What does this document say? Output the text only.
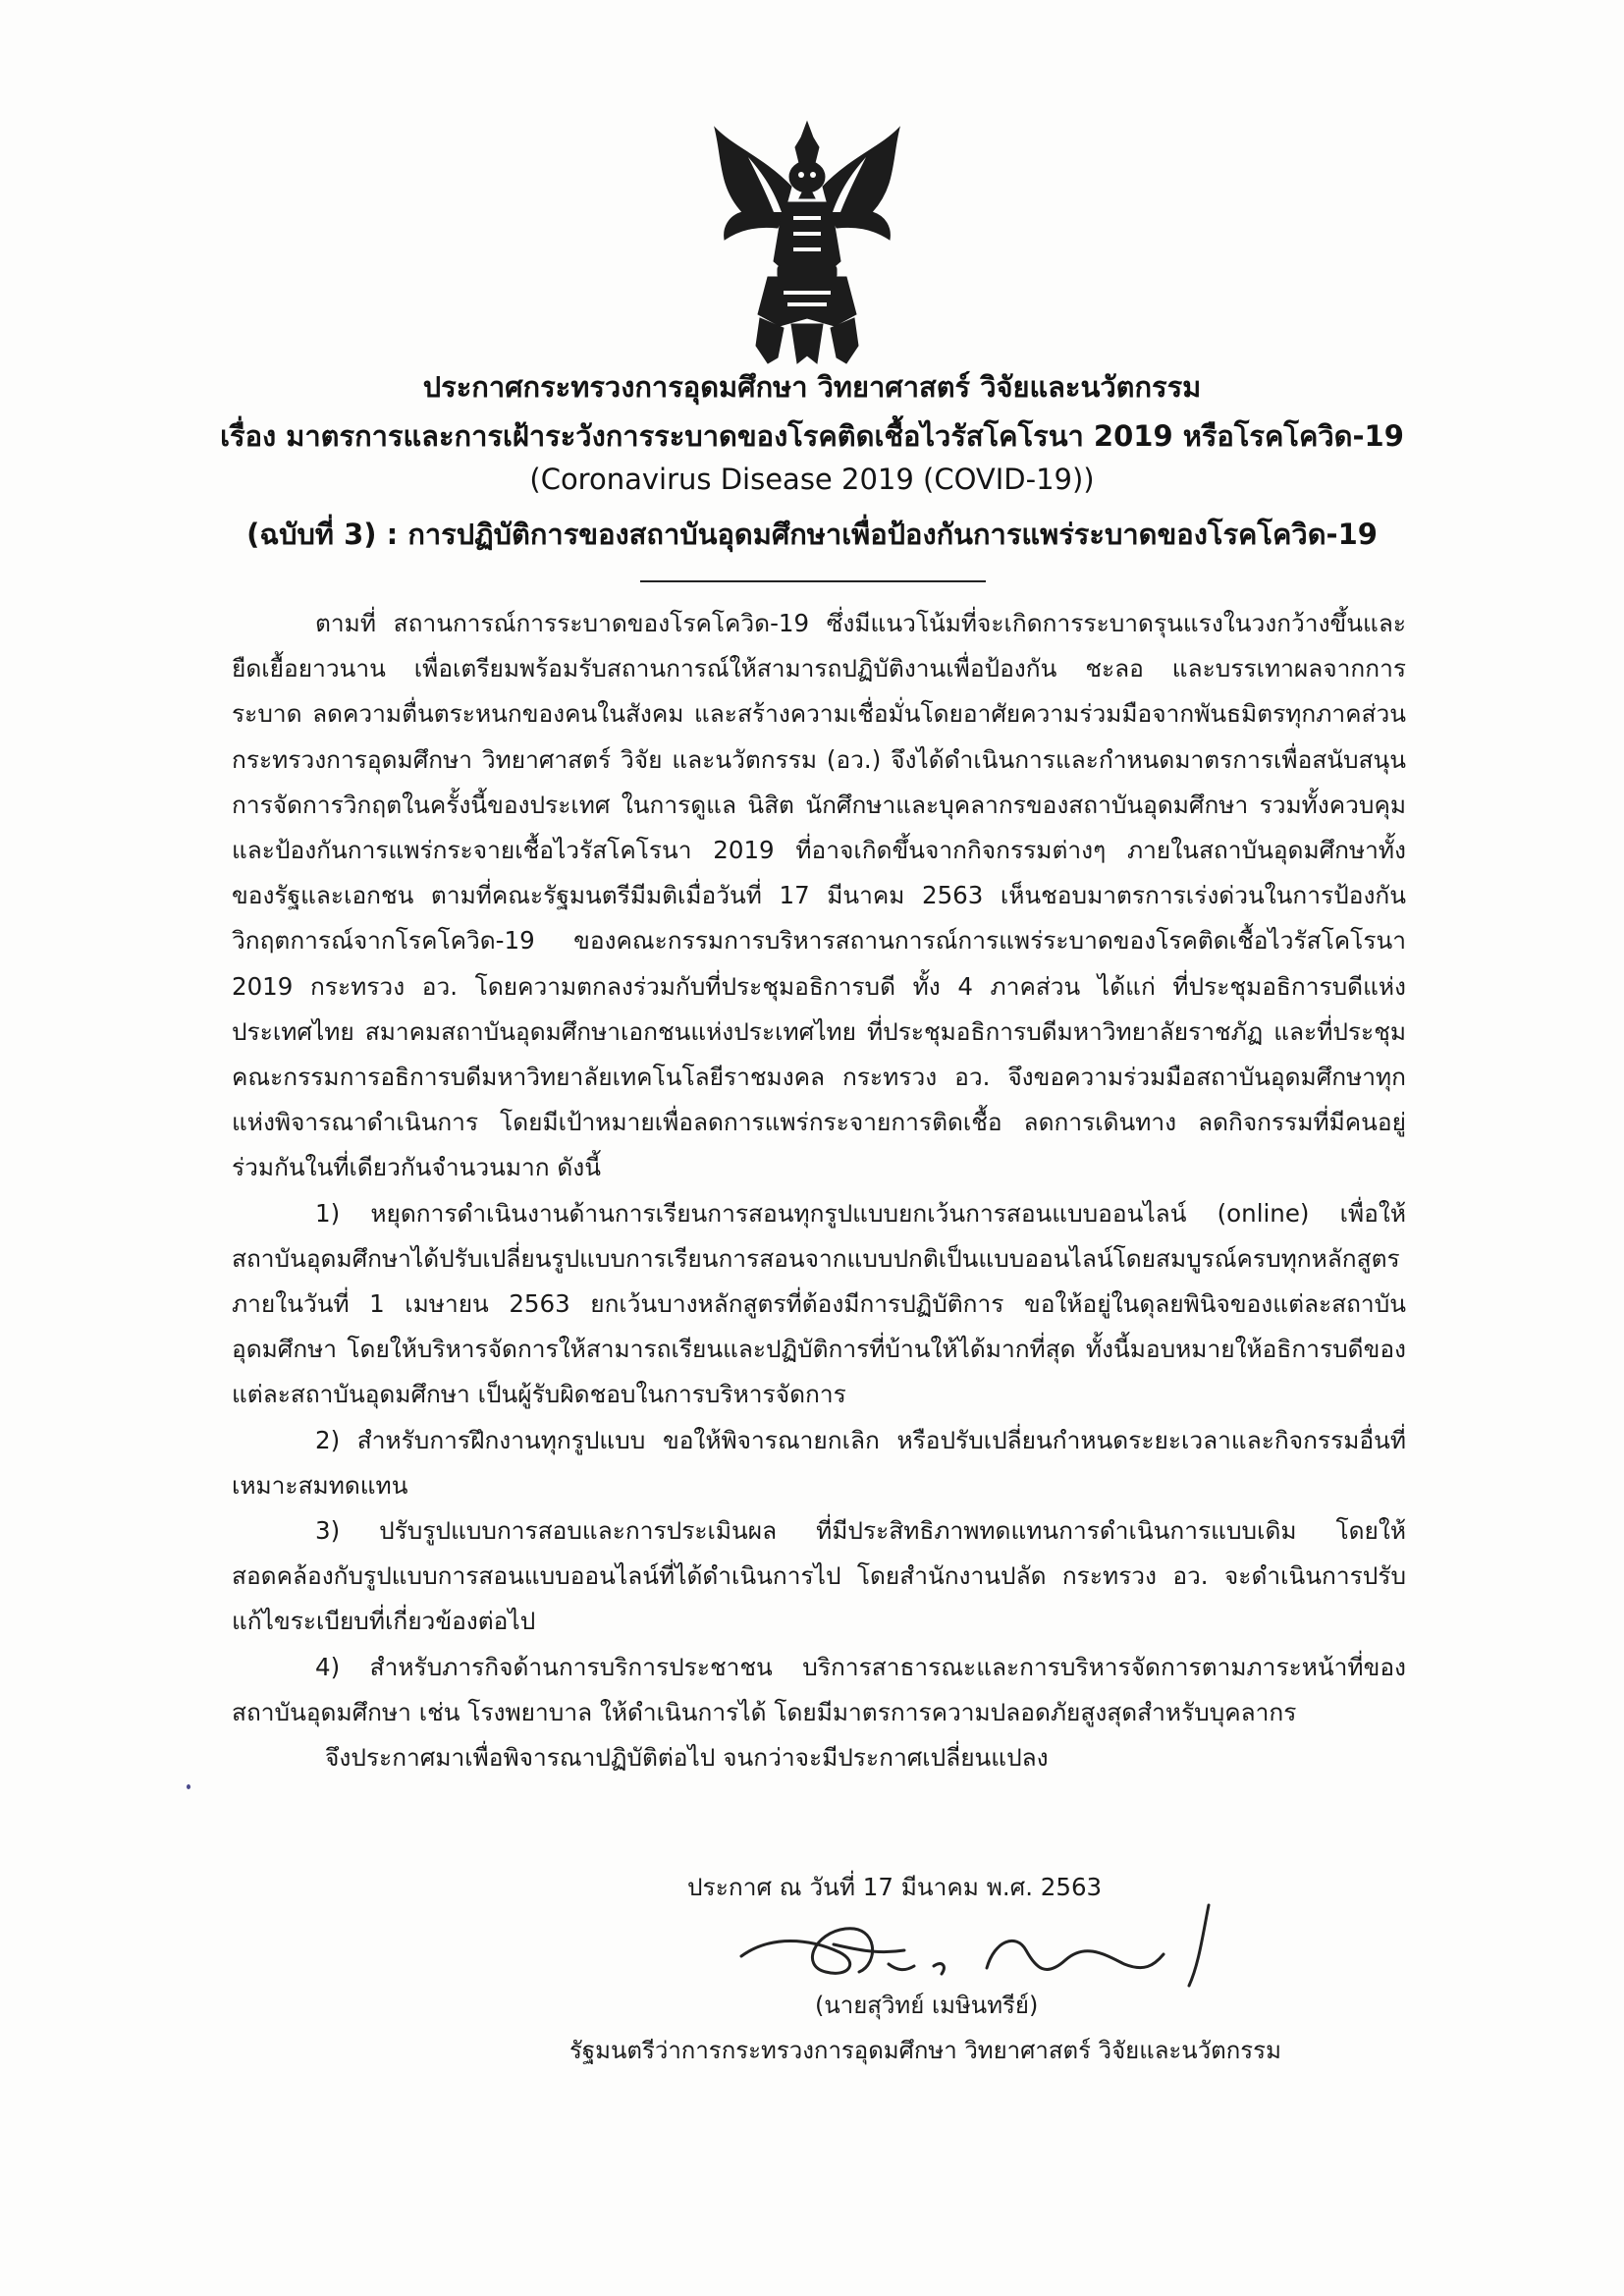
ประกาศกระทรวงการอุดมศึกษา วิทยาศาสตร์ วิจัยและนวัตกรรม
เรื่อง มาตรการและการเฝ้าระวังการระบาดของโรคติดเชื้อไวรัสโคโรนา 2019 หรือโรคโควิด-19
(Coronavirus Disease 2019 (COVID-19))
(ฉบับที่ 3) : การปฏิบัติการของสถาบันอุดมศึกษาเพื่อป้องกันการแพร่ระบาดของโรคโควิด-19

ตามที่ สถานการณ์การระบาดของโรคโควิด-19 ซึ่งมีแนวโน้มที่จะเกิดการระบาดรุนแรงในวงกว้างขึ้นและยืดเยื้อยาวนาน เพื่อเตรียมพร้อมรับสถานการณ์ให้สามารถปฏิบัติงานเพื่อป้องกัน ชะลอ และบรรเทาผลจากการระบาด ลดความตื่นตระหนกของคนในสังคม และสร้างความเชื่อมั่นโดยอาศัยความร่วมมือจากพันธมิตรทุกภาคส่วน กระทรวงการอุดมศึกษา วิทยาศาสตร์ วิจัย และนวัตกรรม (อว.) จึงได้ดำเนินการและกำหนดมาตรการเพื่อสนับสนุนการจัดการวิกฤตในครั้งนี้ของประเทศ ในการดูแล นิสิต นักศึกษาและบุคลากรของสถาบันอุดมศึกษา รวมทั้งควบคุมและป้องกันการแพร่กระจายเชื้อไวรัสโคโรนา 2019 ที่อาจเกิดขึ้นจากกิจกรรมต่างๆ ภายในสถาบันอุดมศึกษาทั้งของรัฐและเอกชน ตามที่คณะรัฐมนตรีมีมติเมื่อวันที่ 17 มีนาคม 2563 เห็นชอบมาตรการเร่งด่วนในการป้องกันวิกฤตการณ์จากโรคโควิด-19 ของคณะกรรมการบริหารสถานการณ์การแพร่ระบาดของโรคติดเชื้อไวรัสโคโรนา 2019 กระทรวง อว. โดยความตกลงร่วมกับที่ประชุมอธิการบดี ทั้ง 4 ภาคส่วน ได้แก่ ที่ประชุมอธิการบดีแห่งประเทศไทย สมาคมสถาบันอุดมศึกษาเอกชนแห่งประเทศไทย ที่ประชุมอธิการบดีมหาวิทยาลัยราชภัฏ และที่ประชุมคณะกรรมการอธิการบดีมหาวิทยาลัยเทคโนโลยีราชมงคล กระทรวง อว. จึงขอความร่วมมือสถาบันอุดมศึกษาทุกแห่งพิจารณาดำเนินการ โดยมีเป้าหมายเพื่อลดการแพร่กระจายการติดเชื้อ ลดการเดินทาง ลดกิจกรรมที่มีคนอยู่ร่วมกันในที่เดียวกันจำนวนมาก ดังนี้

1) หยุดการดำเนินงานด้านการเรียนการสอนทุกรูปแบบยกเว้นการสอนแบบออนไลน์ (online) เพื่อให้สถาบันอุดมศึกษาได้ปรับเปลี่ยนรูปแบบการเรียนการสอนจากแบบปกติเป็นแบบออนไลน์โดยสมบูรณ์ครบทุกหลักสูตรภายในวันที่ 1 เมษายน 2563 ยกเว้นบางหลักสูตรที่ต้องมีการปฏิบัติการ ขอให้อยู่ในดุลยพินิจของแต่ละสถาบันอุดมศึกษา โดยให้บริหารจัดการให้สามารถเรียนและปฏิบัติการที่บ้านให้ได้มากที่สุด ทั้งนี้มอบหมายให้อธิการบดีของแต่ละสถาบันอุดมศึกษา เป็นผู้รับผิดชอบในการบริหารจัดการ

2) สำหรับการฝึกงานทุกรูปแบบ ขอให้พิจารณายกเลิก หรือปรับเปลี่ยนกำหนดระยะเวลาและกิจกรรมอื่นที่เหมาะสมทดแทน

3) ปรับรูปแบบการสอบและการประเมินผล ที่มีประสิทธิภาพทดแทนการดำเนินการแบบเดิม โดยให้สอดคล้องกับรูปแบบการสอนแบบออนไลน์ที่ได้ดำเนินการไป โดยสำนักงานปลัด กระทรวง อว. จะดำเนินการปรับแก้ไขระเบียบที่เกี่ยวข้องต่อไป

4) สำหรับภารกิจด้านการบริการประชาชน บริการสาธารณะและการบริหารจัดการตามภาระหน้าที่ของสถาบันอุดมศึกษา เช่น โรงพยาบาล ให้ดำเนินการได้ โดยมีมาตรการความปลอดภัยสูงสุดสำหรับบุคลากร

จึงประกาศมาเพื่อพิจารณาปฏิบัติต่อไป จนกว่าจะมีประกาศเปลี่ยนแปลง

ประกาศ ณ วันที่ 17 มีนาคม พ.ศ. 2563
(นายสุวิทย์ เมษินทรีย์)
รัฐมนตรีว่าการกระทรวงการอุดมศึกษา วิทยาศาสตร์ วิจัยและนวัตกรรม
